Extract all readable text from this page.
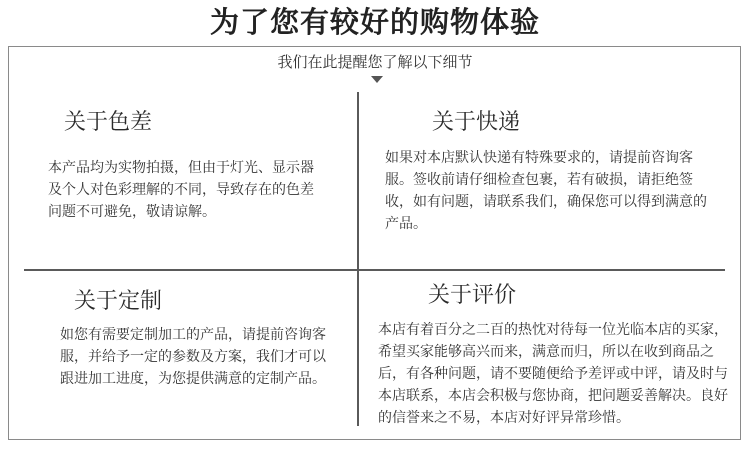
为了您有较好的购物体验
我们在此提醒您了解以下细节
关于色差
本产品均为实物拍摄，但由于灯光、显示器及个人对色彩理解的不同，导致存在的色差问题不可避免，敬请谅解。
关于快递
如果对本店默认快递有特殊要求的，请提前咨询客服。签收前请仔细检查包裹，若有破损，请拒绝签收，如有问题，请联系我们，确保您可以得到满意的产品。
关于定制
如您有需要定制加工的产品，请提前咨询客服，并给予一定的参数及方案，我们才可以跟进加工进度，为您提供满意的定制产品。
关于评价
本店有着百分之二百的热忱对待每一位光临本店的买家，希望买家能够高兴而来，满意而归，所以在收到商品之后，有各种问题，请不要随便给予差评或中评，请及时与本店联系，本店会积极与您协商，把问题妥善解决。良好的信誉来之不易，本店对好评异常珍惜。
